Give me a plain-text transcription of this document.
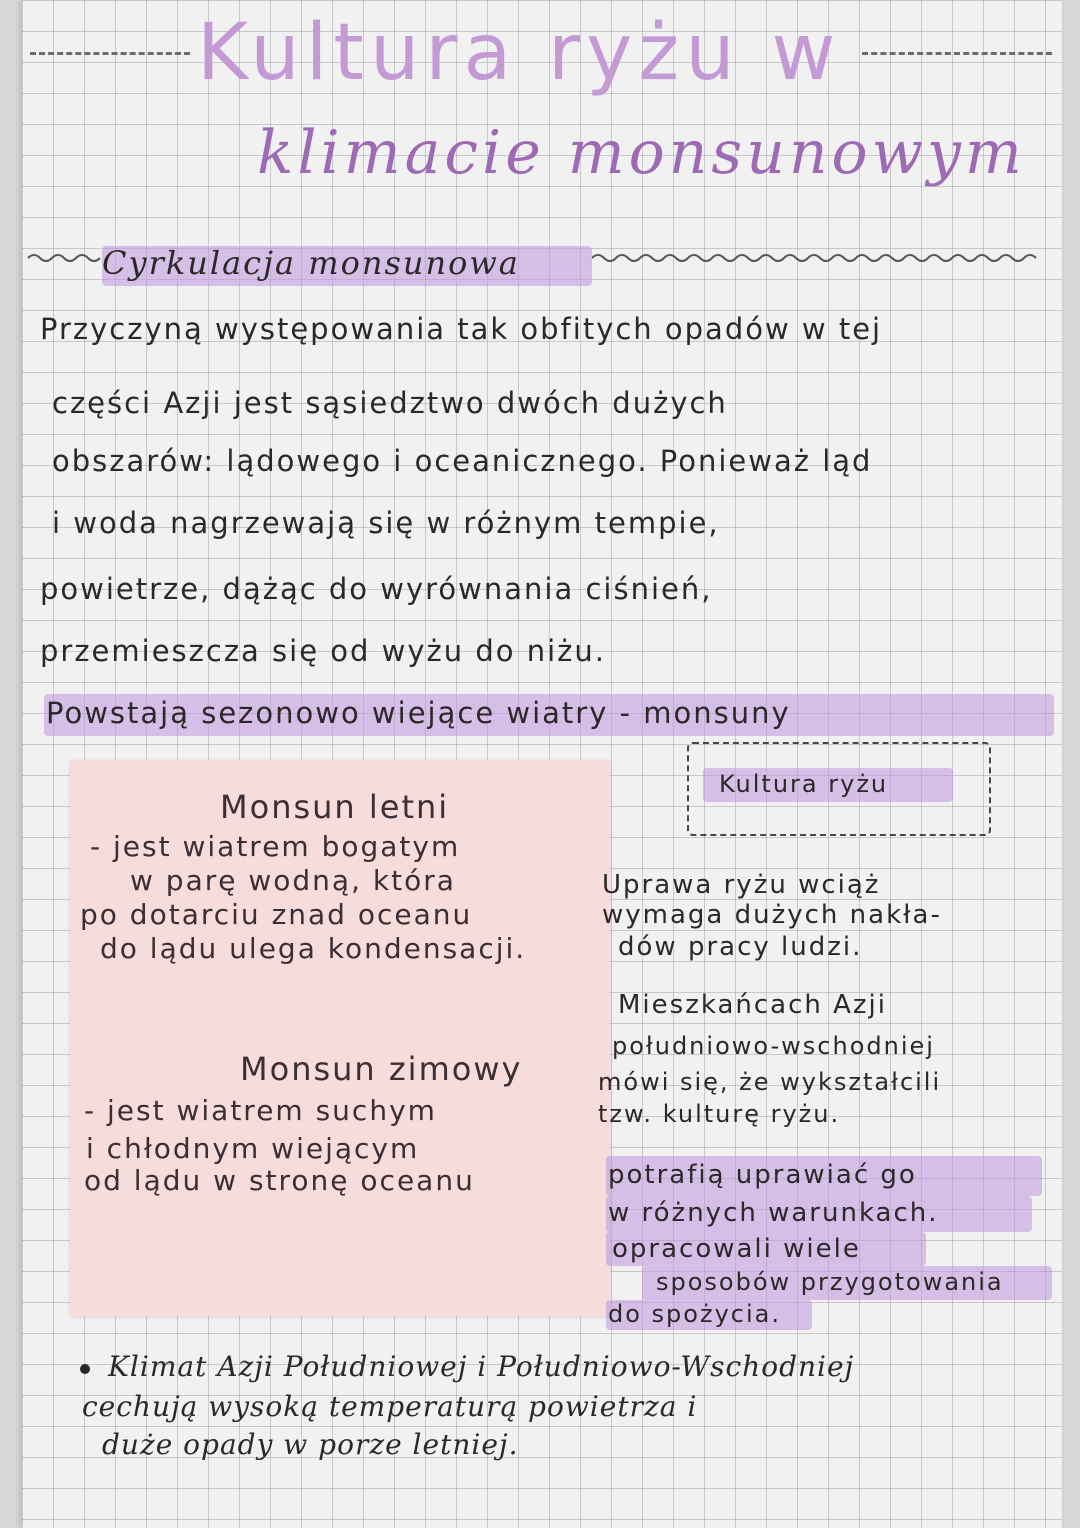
Kultura ryżu w
klimacie monsunowym
Cyrkulacja monsunowa
Przyczyną występowania tak obfitych opadów w tej
części Azji jest sąsiedztwo dwóch dużych
obszarów: lądowego i oceanicznego. Ponieważ ląd
i woda nagrzewają się w różnym tempie,
powietrze, dążąc do wyrównania ciśnień,
przemieszcza się od wyżu do niżu.
Powstają sezonowo wiejące wiatry - monsuny
Monsun letni
- jest wiatrem bogatym
w parę wodną, która
po dotarciu znad oceanu
do lądu ulega kondensacji.
Monsun zimowy
- jest wiatrem suchym
i chłodnym wiejącym
od lądu w stronę oceanu
Kultura ryżu
Uprawa ryżu wciąż
wymaga dużych nakła-
dów pracy ludzi.
Mieszkańcach Azji
południowo-wschodniej
mówi się, że wykształcili
tzw. kulturę ryżu.
potrafią uprawiać go
w różnych warunkach.
opracowali wiele
sposobów przygotowania
do spożycia.
Klimat Azji Południowej i Południowo-Wschodniej
cechują wysoką temperaturą powietrza i
duże opady w porze letniej.
